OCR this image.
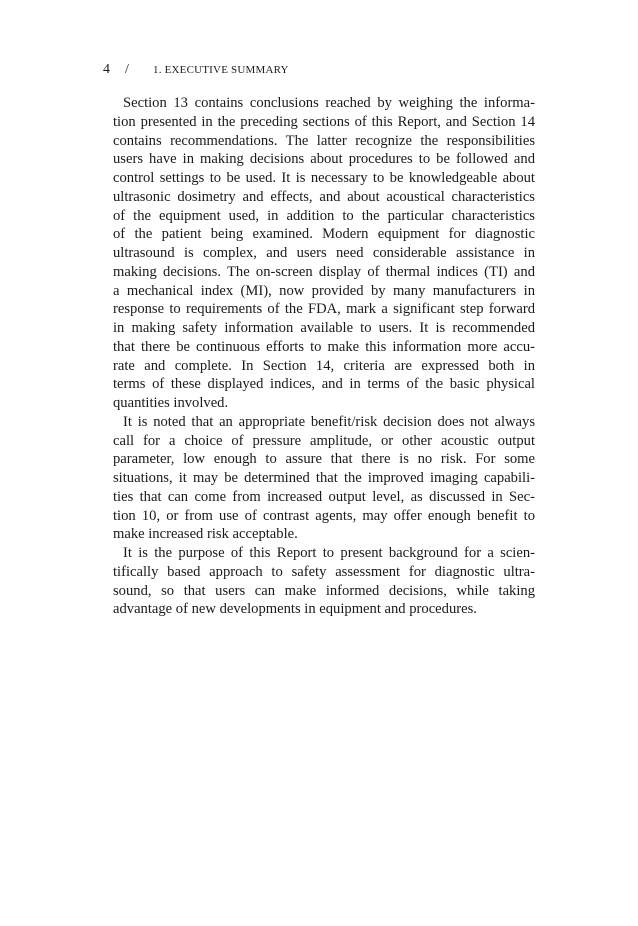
4	/	1. EXECUTIVE SUMMARY
Section 13 contains conclusions reached by weighing the informa-
tion presented in the preceding sections of this Report, and Section 14
contains recommendations. The latter recognize the responsibilities
users have in making decisions about procedures to be followed and
control settings to be used. It is necessary to be knowledgeable about
ultrasonic dosimetry and effects, and about acoustical characteristics
of the equipment used, in addition to the particular characteristics
of the patient being examined. Modern equipment for diagnostic
ultrasound is complex, and users need considerable assistance in
making decisions. The on-screen display of thermal indices (TI) and
a mechanical index (MI), now provided by many manufacturers in
response to requirements of the FDA, mark a significant step forward
in making safety information available to users. It is recommended
that there be continuous efforts to make this information more accu-
rate and complete. In Section 14, criteria are expressed both in
terms of these displayed indices, and in terms of the basic physical
quantities involved.
It is noted that an appropriate benefit/risk decision does not always
call for a choice of pressure amplitude, or other acoustic output
parameter, low enough to assure that there is no risk. For some
situations, it may be determined that the improved imaging capabili-
ties that can come from increased output level, as discussed in Sec-
tion 10, or from use of contrast agents, may offer enough benefit to
make increased risk acceptable.
It is the purpose of this Report to present background for a scien-
tifically based approach to safety assessment for diagnostic ultra-
sound, so that users can make informed decisions, while taking
advantage of new developments in equipment and procedures.
